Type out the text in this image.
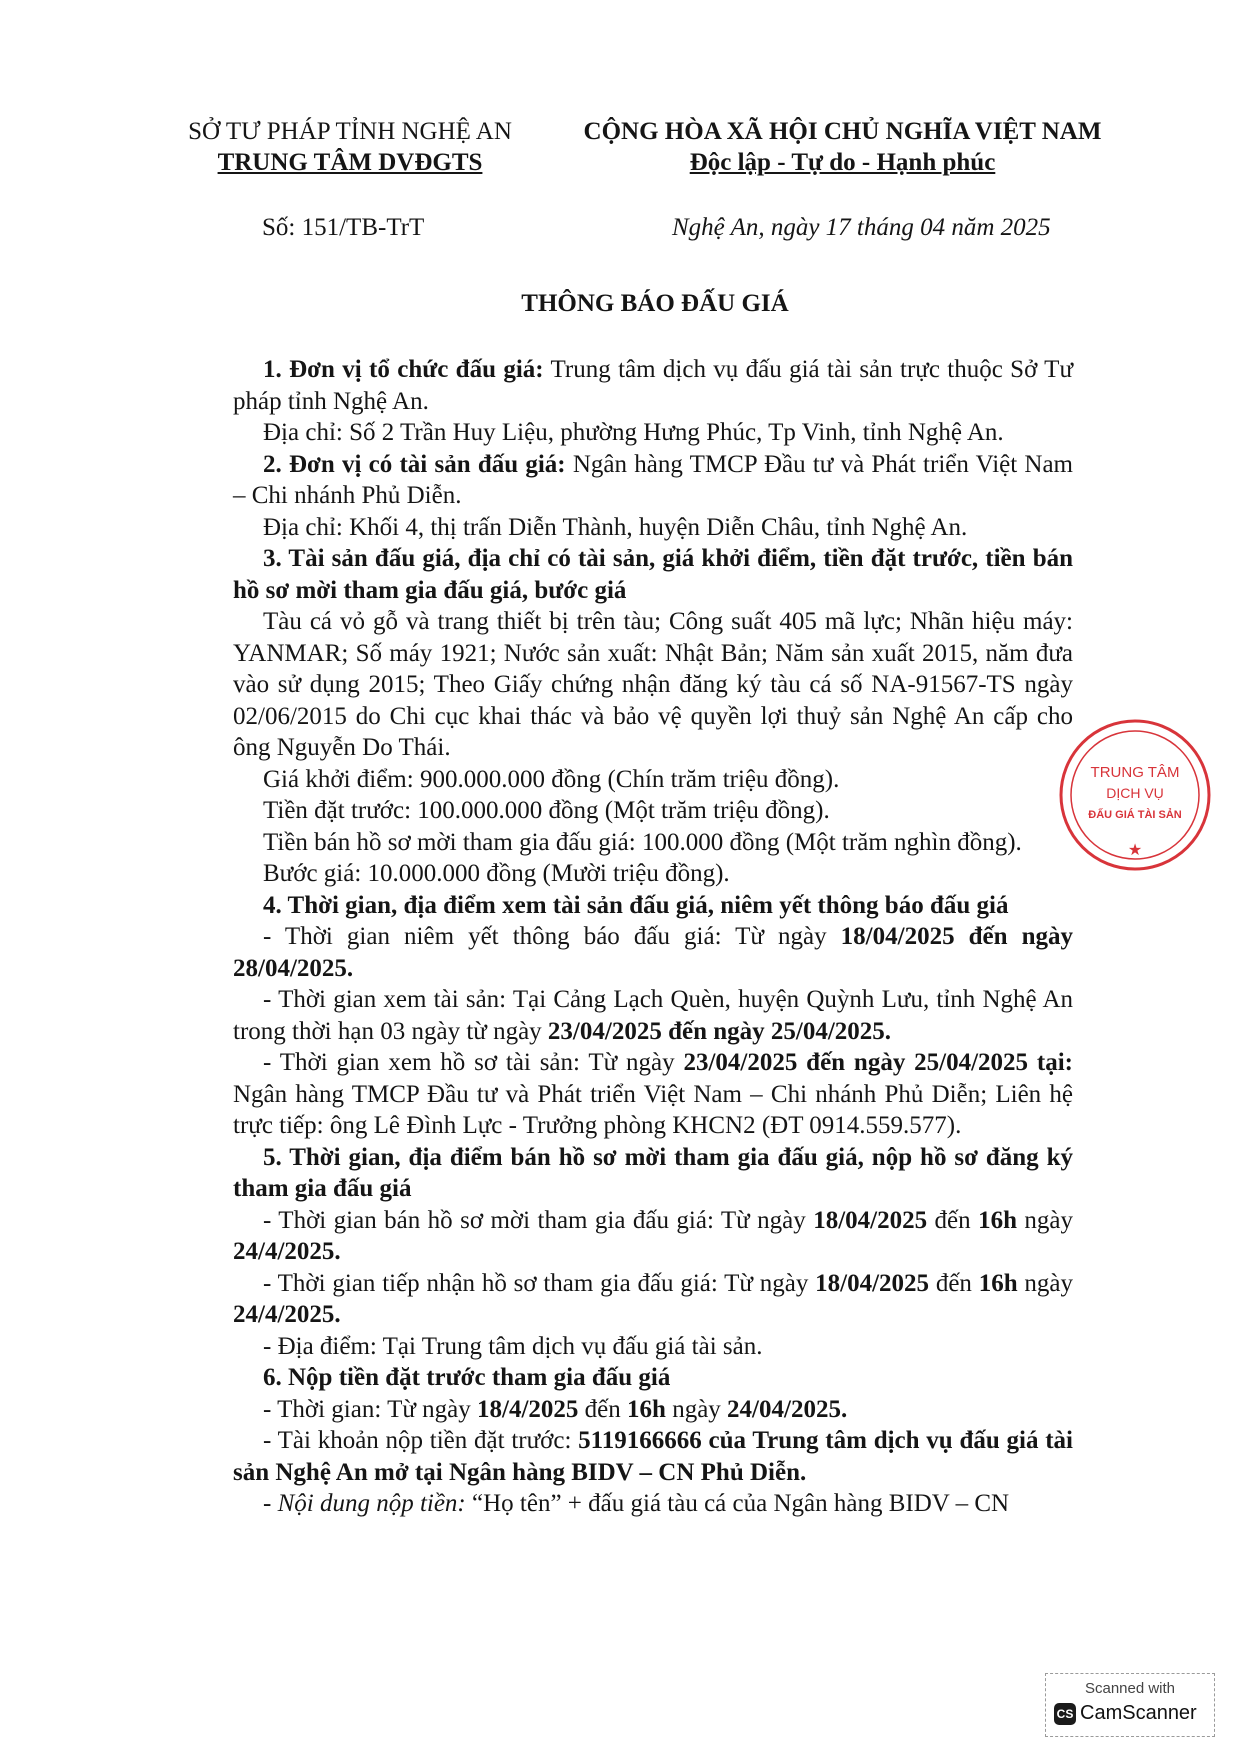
SỞ TƯ PHÁP TỈNH NGHỆ AN
TRUNG TÂM DVĐGTS
CỘNG HÒA XÃ HỘI CHỦ NGHĨA VIỆT NAM
Độc lập - Tự do - Hạnh phúc
Số: 151/TB-TrT	Nghệ An, ngày 17 tháng 04 năm 2025
THÔNG BÁO ĐẤU GIÁ

1. Đơn vị tổ chức đấu giá: Trung tâm dịch vụ đấu giá tài sản trực thuộc Sở Tư pháp tỉnh Nghệ An.

Địa chỉ: Số 2 Trần Huy Liệu, phường Hưng Phúc, Tp Vinh, tỉnh Nghệ An.

2. Đơn vị có tài sản đấu giá: Ngân hàng TMCP Đầu tư và Phát triển Việt Nam – Chi nhánh Phủ Diễn.

Địa chỉ: Khối 4, thị trấn Diễn Thành, huyện Diễn Châu, tỉnh Nghệ An.

3. Tài sản đấu giá, địa chỉ có tài sản, giá khởi điểm, tiền đặt trước, tiền bán hồ sơ mời tham gia đấu giá, bước giá

Tàu cá vỏ gỗ và trang thiết bị trên tàu; Công suất 405 mã lực; Nhãn hiệu máy: YANMAR; Số máy 1921; Nước sản xuất: Nhật Bản; Năm sản xuất 2015, năm đưa vào sử dụng 2015; Theo Giấy chứng nhận đăng ký tàu cá số NA-91567-TS ngày 02/06/2015 do Chi cục khai thác và bảo vệ quyền lợi thuỷ sản Nghệ An cấp cho ông Nguyễn Do Thái.

Giá khởi điểm: 900.000.000 đồng (Chín trăm triệu đồng).

Tiền đặt trước: 100.000.000 đồng (Một trăm triệu đồng).

Tiền bán hồ sơ mời tham gia đấu giá: 100.000 đồng (Một trăm nghìn đồng).

Bước giá: 10.000.000 đồng (Mười triệu đồng).

4. Thời gian, địa điểm xem tài sản đấu giá, niêm yết thông báo đấu giá

- Thời gian niêm yết thông báo đấu giá: Từ ngày 18/04/2025 đến ngày 28/04/2025.

- Thời gian xem tài sản: Tại Cảng Lạch Quèn, huyện Quỳnh Lưu, tỉnh Nghệ An trong thời hạn 03 ngày từ ngày 23/04/2025 đến ngày 25/04/2025.

- Thời gian xem hồ sơ tài sản: Từ ngày 23/04/2025 đến ngày 25/04/2025 tại: Ngân hàng TMCP Đầu tư và Phát triển Việt Nam – Chi nhánh Phủ Diễn; Liên hệ trực tiếp: ông Lê Đình Lực - Trưởng phòng KHCN2 (ĐT 0914.559.577).

5. Thời gian, địa điểm bán hồ sơ mời tham gia đấu giá, nộp hồ sơ đăng ký tham gia đấu giá

- Thời gian bán hồ sơ mời tham gia đấu giá: Từ ngày 18/04/2025 đến 16h ngày 24/4/2025.

- Thời gian tiếp nhận hồ sơ tham gia đấu giá: Từ ngày 18/04/2025 đến 16h ngày 24/4/2025.

- Địa điểm: Tại Trung tâm dịch vụ đấu giá tài sản.

6. Nộp tiền đặt trước tham gia đấu giá

- Thời gian: Từ ngày 18/4/2025 đến 16h ngày 24/04/2025.

- Tài khoản nộp tiền đặt trước: 5119166666 của Trung tâm dịch vụ đấu giá tài sản Nghệ An mở tại Ngân hàng BIDV – CN Phủ Diễn.

- Nội dung nộp tiền: “Họ tên” + đấu giá tàu cá của Ngân hàng BIDV – CN

TRUNG TÂM
DỊCH VỤ
ĐẤU GIÁ TÀI SẢN
★
Scanned with
CS CamScanner
